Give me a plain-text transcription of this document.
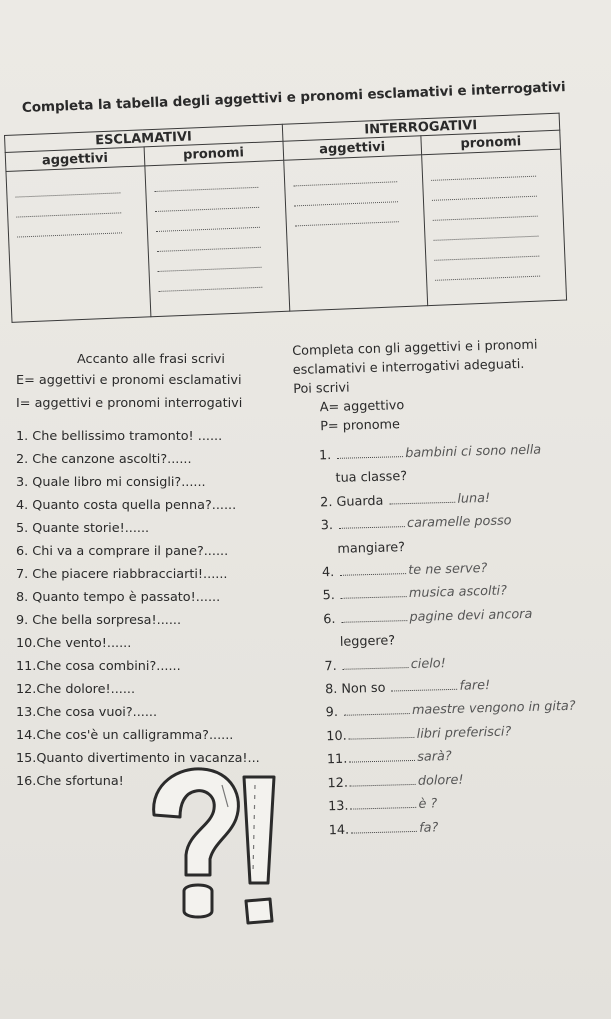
Completa la tabella degli aggettivi e pronomi esclamativi e interrogativi
ESCLAMATIVI		INTERROGATIVI	
aggettivi	pronomi	aggettivi	pronomi

Accanto alle frasi scrivi
E= aggettivi e pronomi esclamativi
I= aggettivi e pronomi interrogativi
1. Che bellissimo tramonto! ......
2. Che canzone ascolti?......
3. Quale libro mi consigli?......
4. Quanto costa quella penna?......
5. Quante storie!......
6. Chi va a comprare il pane?......
7. Che piacere riabbracciarti!......
8. Quanto tempo è passato!......
9. Che bella sorpresa!......
10.Che vento!......
11.Che cosa combini?......
12.Che dolore!......
13.Che cosa vuoi?......
14.Che cos'è un calligramma?......
15.Quanto divertimento in vacanza!...
16.Che sfortuna!
Completa con gli aggettivi e i pronomi
esclamativi e interrogativi adeguati.
Poi scrivi
A= aggettivo
P= pronome
1.	bambini ci sono nella
tua classe?
2. Guarda	luna!
3.	caramelle posso
mangiare?
4.	te ne serve?
5.	musica ascolti?
6.	pagine devi ancora
leggere?
7.	cielo!
8. Non so	fare!
9.	maestre vengono in gita?
10.	libri preferisci?
11.	sarà?
12.	dolore!
13.	è ?
14.	fa?
